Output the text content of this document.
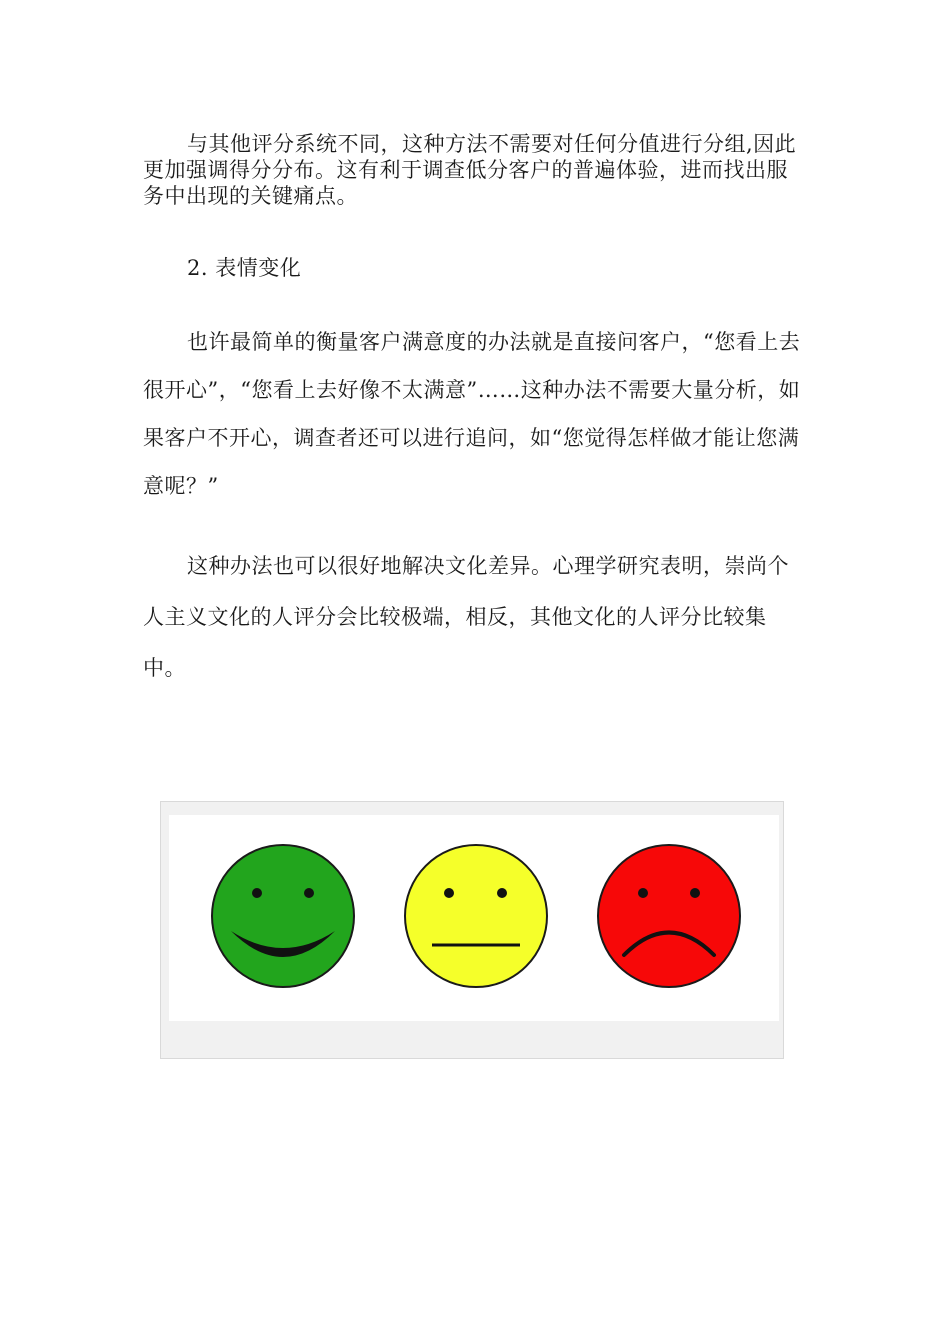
与其他评分系统不同，这种方法不需要对任何分值进行分组,因此更加强调得分分布。这有利于调查低分客户的普遍体验，进而找出服务中出现的关键痛点。

2. 表情变化

也许最简单的衡量客户满意度的办法就是直接问客户，“您看上去很开心”，“您看上去好像不太满意”……这种办法不需要大量分析，如果客户不开心，调查者还可以进行追问，如“您觉得怎样做才能让您满意呢？”

这种办法也可以很好地解决文化差异。心理学研究表明，崇尚个人主义文化的人评分会比较极端，相反，其他文化的人评分比较集中。
